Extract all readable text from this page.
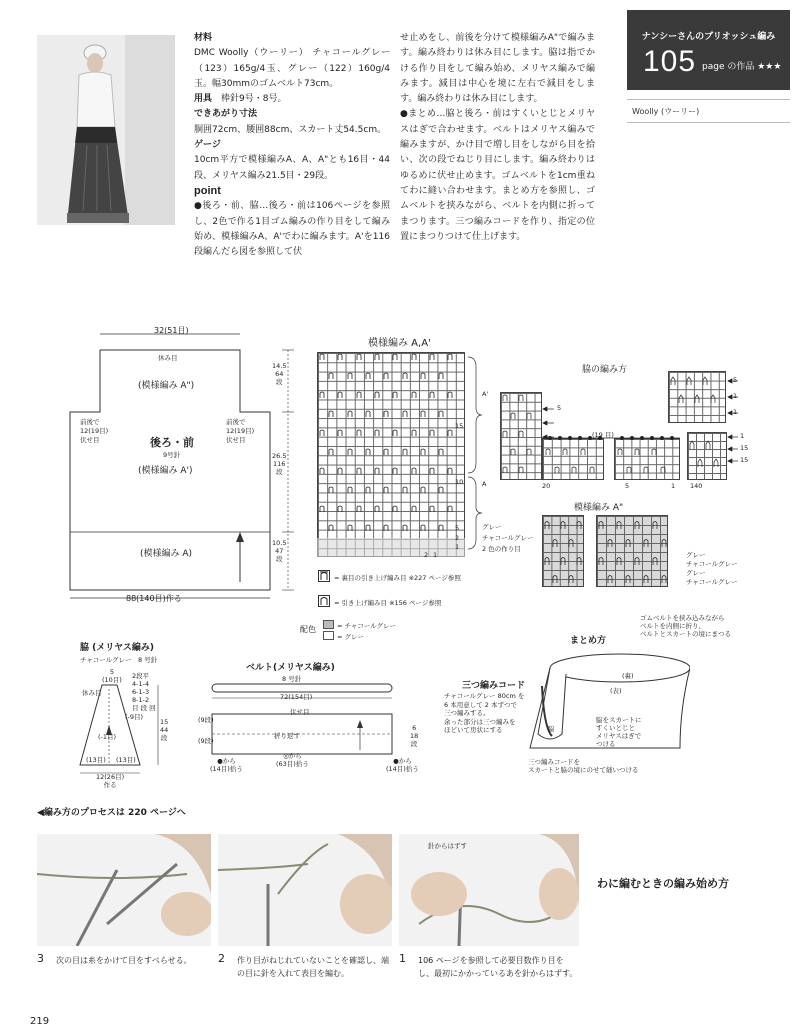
ナンシーさんのブリオッシュ編み
105 page の作品 ★★★
Woolly (ウーリー)
材料

DMC Woolly（ウーリー） チャコールグレー（123）165g/4玉、グレー（122）160g/4玉。幅30mmのゴムベルト73cm。

用具　 棒針9号・8号。

できあがり寸法

胴囲72cm、腰囲88cm、スカート丈54.5cm。

ゲージ

10cm平方で模様編みA、A、A"とも16目・44段、メリヤス編み21.5目・29段。

point

●後ろ・前、脇…後ろ・前は106ページを参照し、2色で作る1目ゴム編みの作り目をして編み始め、模様編みA、A'でわに編みます。A'を116段編んだら図を参照して伏

せ止めをし、前後を分けて模様編みA"で編みます。編み終わりは休み目にします。脇は指でかける作り目をして編み始め、メリヤス編みで編みます。減目は中心を境に左右で減目をします。編み終わりは休み目にします。

●まとめ…脇と後ろ・前はすくいとじとメリヤスはぎで合わせます。ベルトはメリヤス編みで編みますが、かけ目で増し目をしながら目を拾い、次の段でねじり目にします。編み終わりはゆるめに伏せ止めます。ゴムベルトを1cm重ねてわに縫い合わせます。まとめ方を参照し、ゴムベルトを挟みながら、ベルトを内側に折ってまつります。三つ編みコードを作り、指定の位置にまつりつけて仕上げます。

32(51目)
休み目
(模様編み A")
前後で
12(19目)
伏せ目
前後で
12(19目)
伏せ目
後ろ・前
9号針
(模様編み A')
(模様編み A)
88(140目)作る
14.5
64
段
26.5
116
段
10.5
47
段
模様編み A,A'
A'
A
15
10
5
2
1
グレー
チャコールグレー
2 色の作り目
2 1
= 裏目の引き上げ編み目 ※227 ページ参照
= 引き上げ編み目 ※156 ページ参照
配色	= チャコールグレー
= グレー
脇の編み方
5
5
1
1
1
15
15
(19 目)
20	5	1 140
模様編み A"
グレー
チャコールグレー
グレー
チャコールグレー
脇 (メリヤス編み)
チャコールグレー　8 号針
5
(10目)
休み目
2段平
4-1-4
6-1-3
8-1-2
目 段 回
(-9目)
(-1目)
15
44
段
(13目) (13目)
12(26目)
作る
ベルト(メリヤス編み)
8 号針
72(154目)
伏せ目
折り返す
(9段)
(9段)
6
18
段
◎から
(63目)拾う
●から
(14目)拾う
●から
(14目)拾う
三つ編みコード
チャコールグレー 80cm を
6 本用意して 2 本ずつで
三つ編みする。
余った部分は三つ編みを
ほどいて房状にする
まとめ方
ゴムベルトを挟み込みながら
ベルトを内側に折り、
ベルトとスカートの境にまつる
(裏)
(表)
脇
脇をスカートに
すくいとじと
メリヤスはぎで
つける
三つ編みコードを
スカートと脇の境にのせて縫いつける
◀編み方のプロセスは 220 ページへ
わに編むときの編み始め方
3 次の目は糸をかけて目をすべらせる。	2 作り目がねじれていないことを確認し、端の目に針を入れて表目を編む。
針からはずす
1 106 ページを参照して必要目数作り目をし、最初にかかっているあを針からはずす。
219
